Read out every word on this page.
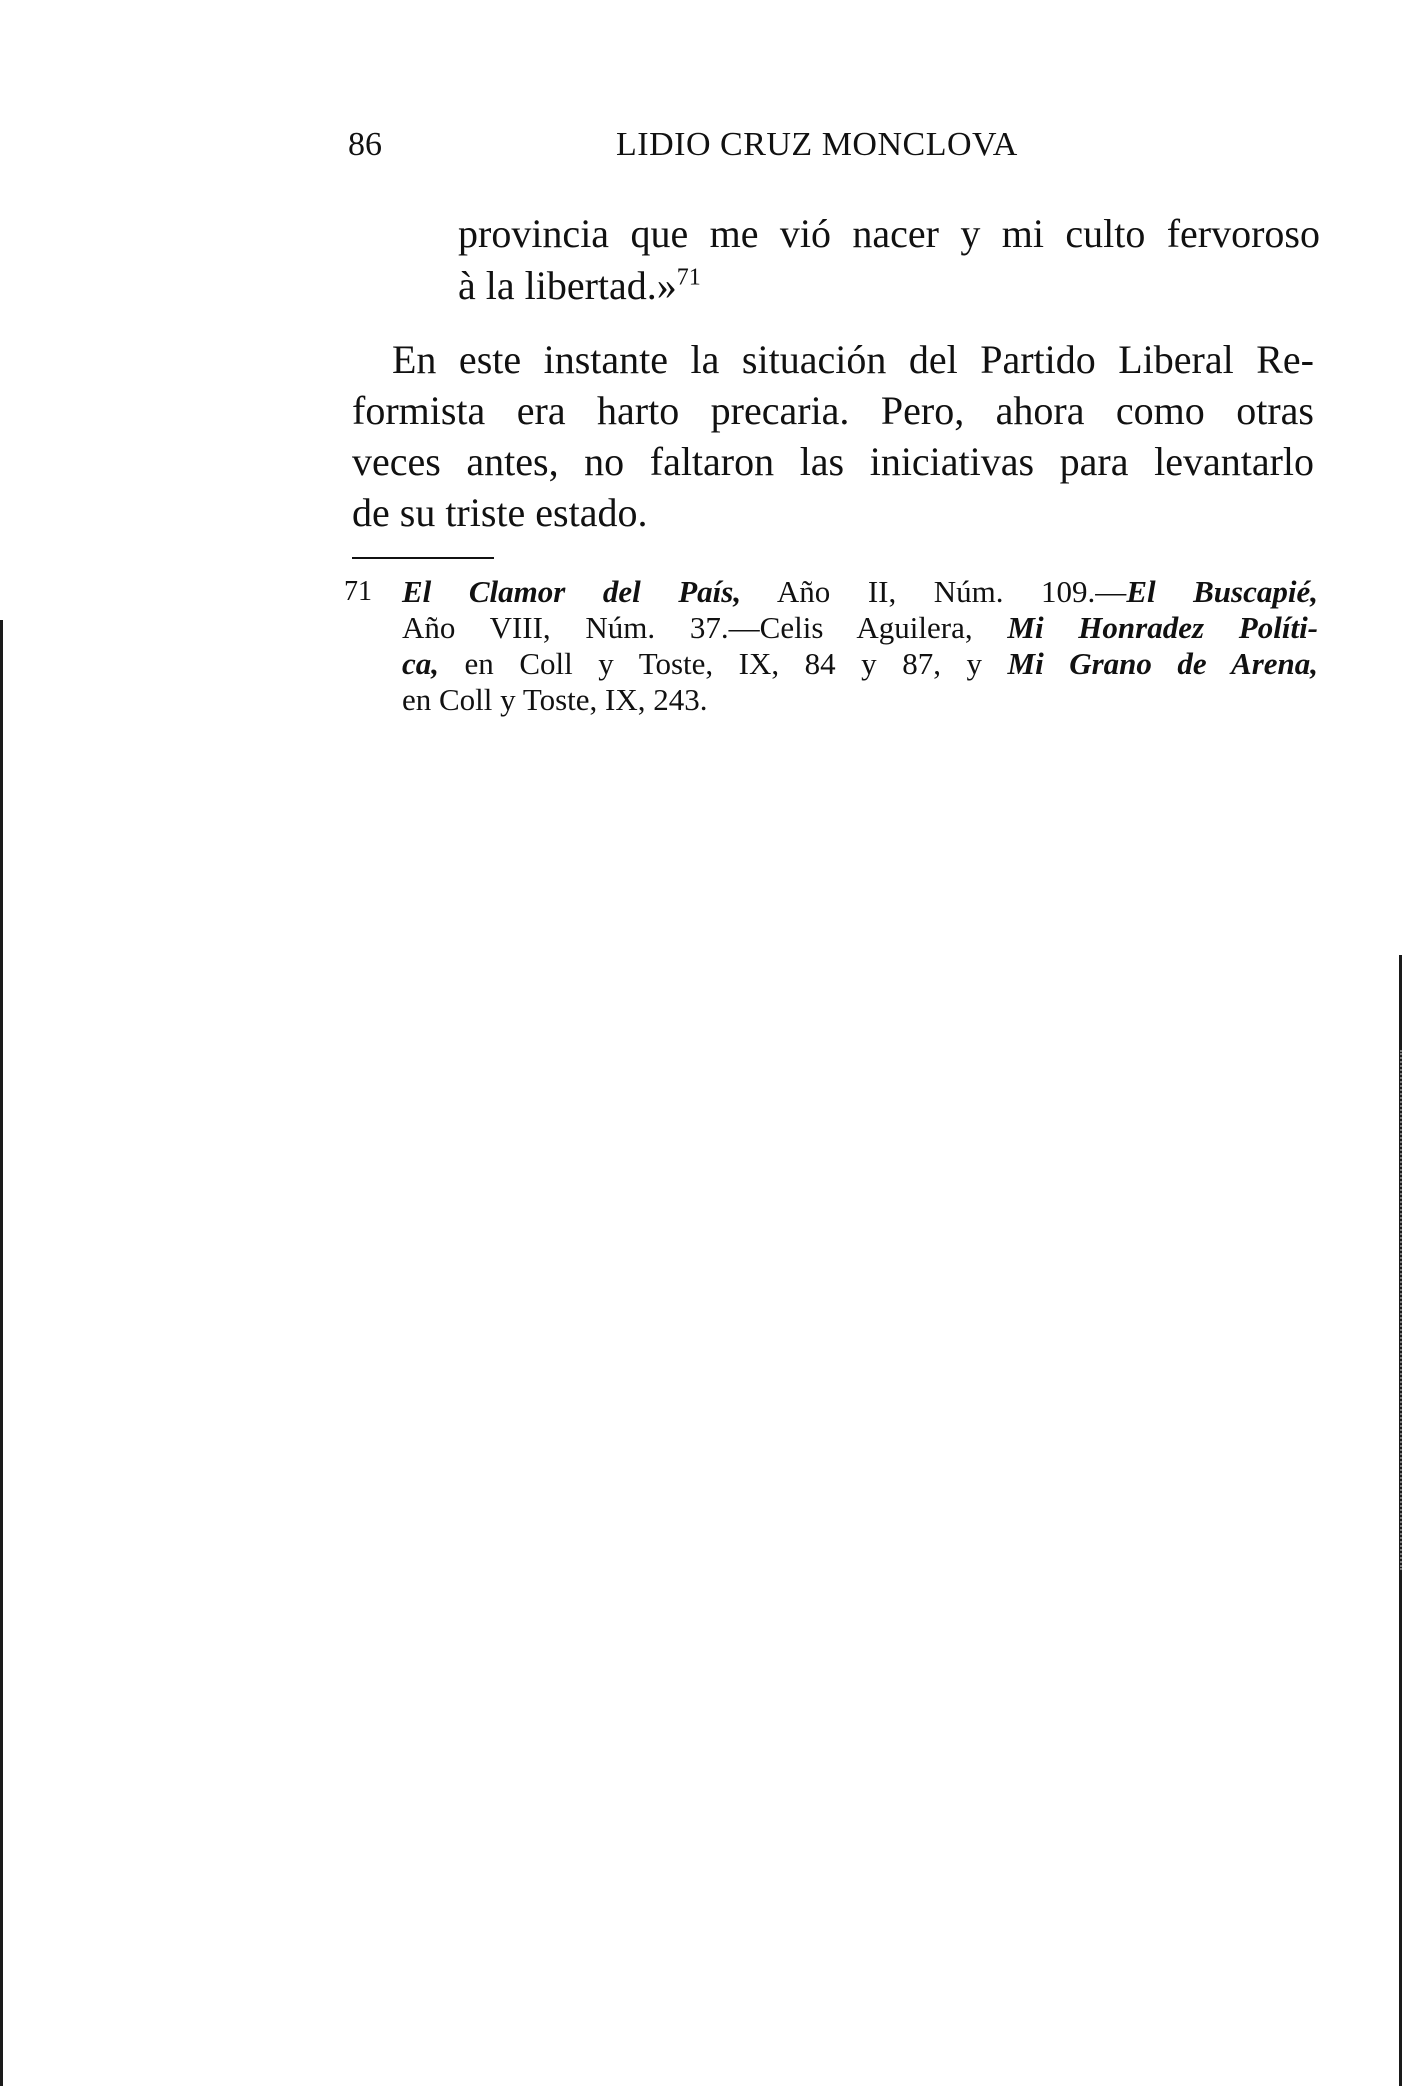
86	LIDIO CRUZ MONCLOVA

provincia que me vió nacer y mi culto fervoroso

à la libertad.»$^{71}$

En este instante la situación del Partido Liberal Re-
formista era harto precaria. Pero, ahora como otras
veces antes, no faltaron las iniciativas para levantarlo
de su triste estado.
71 El Clamor del País, Año II, Núm. 109.—El Buscapié,
Año VIII, Núm. 37.—Celis Aguilera, Mi Honradez Políti-
ca, en Coll y Toste, IX, 84 y 87, y Mi Grano de Arena,
en Coll y Toste, IX, 243.
